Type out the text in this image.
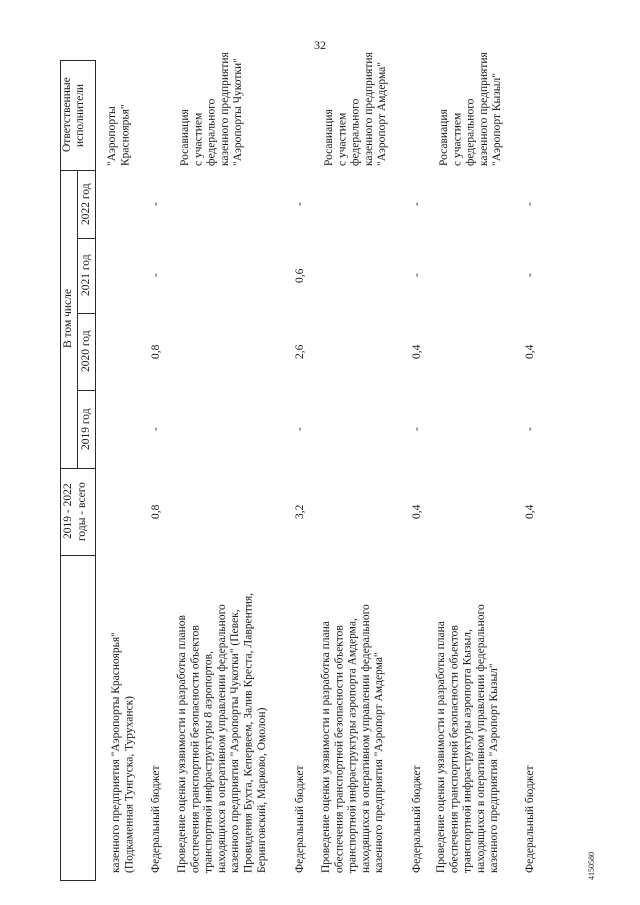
32
2019 - 2022
годы - всего
В том числе
2019 год
2020 год
2021 год
2022 год
Ответственные
исполнители
казенного предприятия "Аэропорты Красноярья"
(Подкаменная Тунгуска, Туруханск)
"Аэропорты
Красноярья"
Федеральный бюджет
0,8
-
0,8
-
-
Проведение оценки уязвимости и разработка планов
обеспечения транспортной безопасности объектов
транспортной инфраструктуры 8 аэропортов,
находящихся в оперативном управлении федерального
казенного предприятия "Аэропорты Чукотки" (Певек,
Провидения Бухта, Кепервеем, Залив Креста, Лаврентия,
Беринговский, Марково, Омолон)
Росавиация
с участием
федерального
казенного предприятия
"Аэропорты Чукотки"
Федеральный бюджет
3,2
-
2,6
0,6
-
Проведение оценки уязвимости и разработка плана
обеспечения транспортной безопасности объектов
транспортной инфраструктуры аэропорта Амдерма,
находящихся в оперативном управлении федерального
казенного предприятия "Аэропорт Амдерма"
Росавиация
с участием
федерального
казенного предприятия
"Аэропорт Амдерма"
Федеральный бюджет
0,4
-
0,4
-
-
Проведение оценки уязвимости и разработка плана
обеспечения транспортной безопасности объектов
транспортной инфраструктуры аэропорта Кызыл,
находящихся в оперативном управлении федерального
казенного предприятия "Аэропорт Кызыл"
Росавиация
с участием
федерального
казенного предприятия
"Аэропорт Кызыл"
Федеральный бюджет
0,4
-
0,4
-
-
4150580
